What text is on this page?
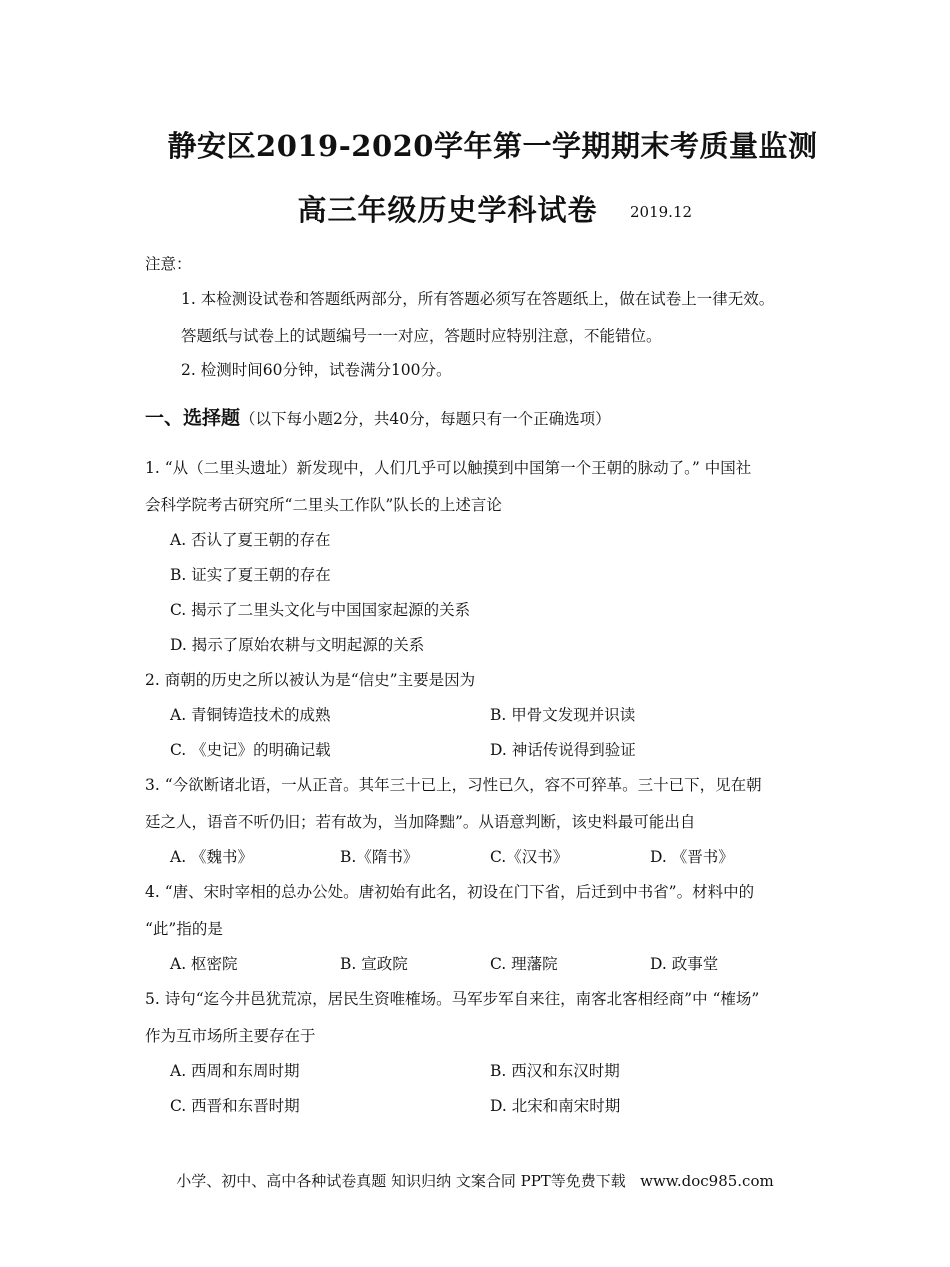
静安区2019-2020学年第一学期期末考质量监测
高三年级历史学科试卷	2019.12
注意：
1. 本检测设试卷和答题纸两部分，所有答题必须写在答题纸上，做在试卷上一律无效。
答题纸与试卷上的试题编号一一对应，答题时应特别注意，不能错位。
2. 检测时间60分钟，试卷满分100分。
一、选择题（以下每小题2分，共40分，每题只有一个正确选项）
1. “从（二里头遗址）新发现中，人们几乎可以触摸到中国第一个王朝的脉动了。” 中国社
会科学院考古研究所“二里头工作队”队长的上述言论
A. 否认了夏王朝的存在
B. 证实了夏王朝的存在
C. 揭示了二里头文化与中国国家起源的关系
D. 揭示了原始农耕与文明起源的关系
2. 商朝的历史之所以被认为是“信史”主要是因为
A. 青铜铸造技术的成熟	B. 甲骨文发现并识读
C. 《史记》的明确记载	D. 神话传说得到验证
3. “今欲断诸北语，一从正音。其年三十已上，习性已久，容不可猝革。三十已下，见在朝
廷之人，语音不听仍旧；若有故为，当加降黜”。从语意判断，该史料最可能出自
A. 《魏书》	B.《隋书》	C.《汉书》	D. 《晋书》
4. “唐、宋时宰相的总办公处。唐初始有此名，初设在门下省，后迁到中书省”。材料中的
“此”指的是
A. 枢密院	B. 宣政院	C. 理藩院	D. 政事堂
5. 诗句“迄今井邑犹荒凉，居民生资唯榷场。马军步军自来往，南客北客相经商”中 “榷场”
作为互市场所主要存在于
A. 西周和东周时期	B. 西汉和东汉时期
C. 西晋和东晋时期	D. 北宋和南宋时期
小学、初中、高中各种试卷真题 知识归纳 文案合同 PPT等免费下载 www.doc985.com
